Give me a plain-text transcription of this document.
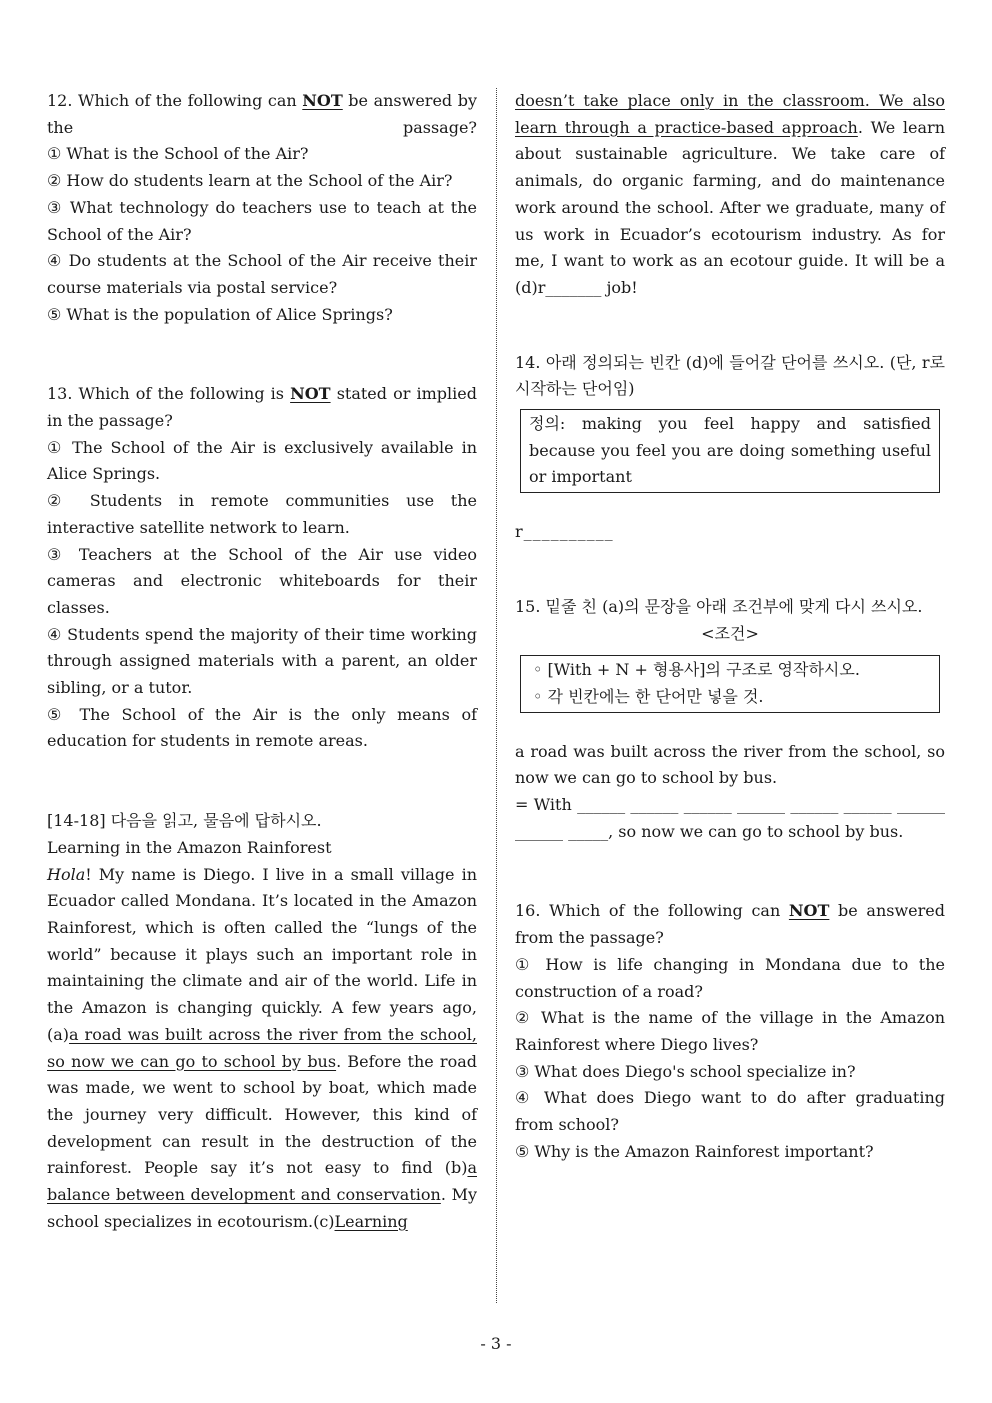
12. Which of the following can NOT be answered by the passage?
① What is the School of the Air?
② How do students learn at the School of the Air?
③ What technology do teachers use to teach at the School of the Air?
④ Do students at the School of the Air receive their course materials via postal service?
⑤ What is the population of Alice Springs?
13. Which of the following is NOT stated or implied in the passage?
① The School of the Air is exclusively available in Alice Springs.
② Students in remote communities use the interactive satellite network to learn.
③ Teachers at the School of the Air use video cameras and electronic whiteboards for their classes.
④ Students spend the majority of their time working through assigned materials with a parent, an older sibling, or a tutor.
⑤ The School of the Air is the only means of education for students in remote areas.
[14-18] 다음을 읽고, 물음에 답하시오.
Learning in the Amazon Rainforest
Hola! My name is Diego. I live in a small village in Ecuador called Mondana. It’s located in the Amazon Rainforest, which is often called the “lungs of the world” because it plays such an important role in maintaining the climate and air of the world. Life in the Amazon is changing quickly. A few years ago, (a)a road was built across the river from the school, so now we can go to school by bus. Before the road was made, we went to school by boat, which made the journey very difficult. However, this kind of development can result in the destruction of the rainforest. People say it’s not easy to find (b)a balance between development and conservation. My school specializes in ecotourism.(c)Learning
doesn’t take place only in the classroom. We also learn through a practice-based approach. We learn about sustainable agriculture. We take care of animals, do organic farming, and do maintenance work around the school. After we graduate, many of us work in Ecuador’s ecotourism industry. As for me, I want to work as an ecotour guide. It will be a (d)r_______ job!
14. 아래 정의되는 빈칸 (d)에 들어갈 단어를 쓰시오. (단, r로 시작하는 단어임)
정의: making you feel happy and satisfied because you feel you are doing something useful or important
r__________
15. 밑줄 친 (a)의 문장을 아래 조건부에 맞게 다시 쓰시오.
<조건>
◦ [With + N + 형용사]의 구조로 영작하시오.
◦ 각 빈칸에는 한 단어만 넣을 것.
a road was built across the river from the school, so now we can go to school by bus.
= With ______ ______ ______ ______ ______ ______ ______ ______ _____, so now we can go to school by bus.
16. Which of the following can NOT be answered from the passage?
① How is life changing in Mondana due to the construction of a road?
② What is the name of the village in the Amazon Rainforest where Diego lives?
③ What does Diego's school specialize in?
④ What does Diego want to do after graduating from school?
⑤ Why is the Amazon Rainforest important?
- 3 -
